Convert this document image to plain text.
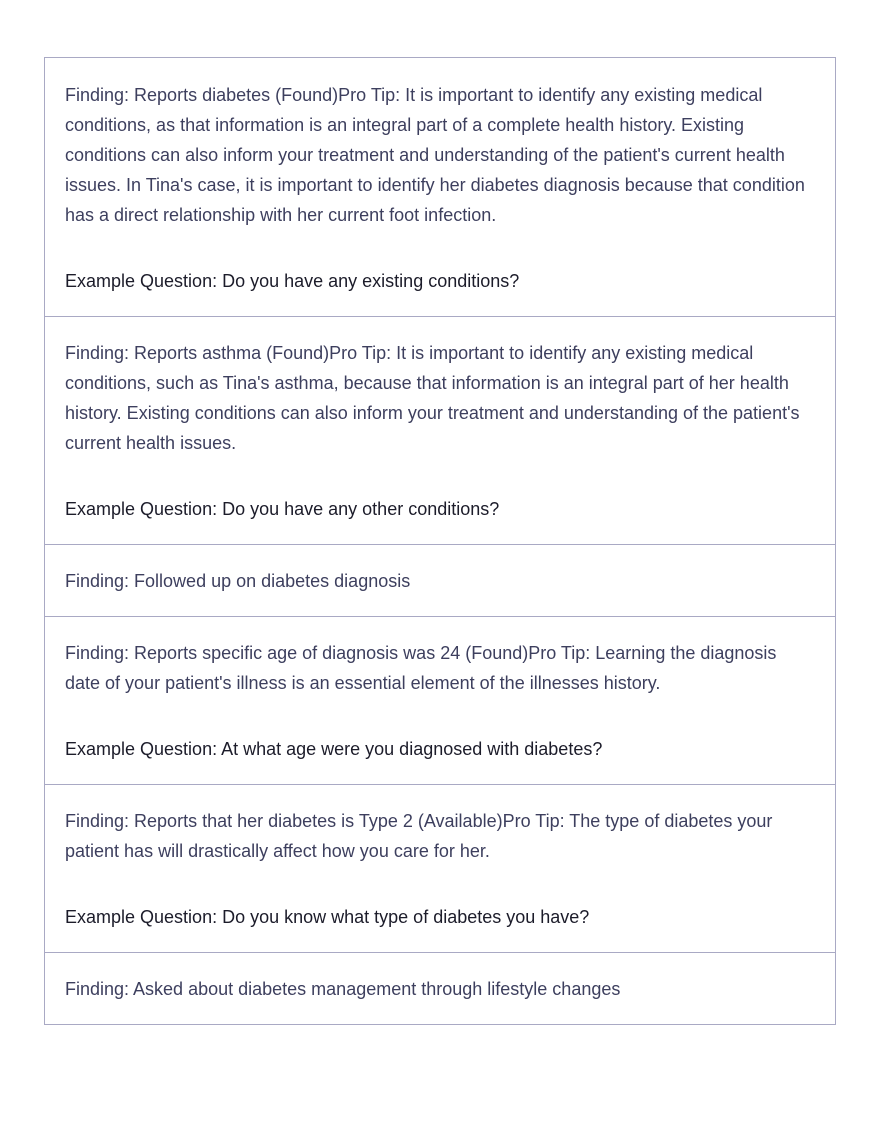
Finding: Reports diabetes (Found)Pro Tip: It is important to identify any existing medical conditions, as that information is an integral part of a complete health history. Existing conditions can also inform your treatment and understanding of the patient's current health issues. In Tina's case, it is important to identify her diabetes diagnosis because that condition has a direct relationship with her current foot infection.

Example Question: Do you have any existing conditions?

Finding: Reports asthma (Found)Pro Tip: It is important to identify any existing medical conditions, such as Tina's asthma, because that information is an integral part of her health history. Existing conditions can also inform your treatment and understanding of the patient's current health issues.

Example Question: Do you have any other conditions?

Finding: Followed up on diabetes diagnosis

Finding: Reports specific age of diagnosis was 24 (Found)Pro Tip: Learning the diagnosis date of your patient's illness is an essential element of the illnesses history.

Example Question: At what age were you diagnosed with diabetes?

Finding: Reports that her diabetes is Type 2 (Available)Pro Tip: The type of diabetes your patient has will drastically affect how you care for her.

Example Question: Do you know what type of diabetes you have?

Finding: Asked about diabetes management through lifestyle changes
